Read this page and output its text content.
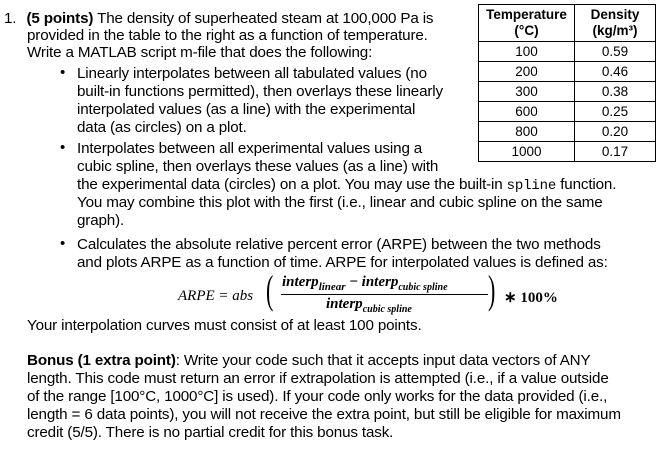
1. (5 points) The density of superheated steam at 100,000 Pa is
provided in the table to the right as a function of temperature.
Write a MATLAB script m-file that does the following:
• Linearly interpolates between all tabulated values (no
built-in functions permitted), then overlays these linearly
interpolated values (as a line) with the experimental
data (as circles) on a plot.
• Interpolates between all experimental values using a
cubic spline, then overlays these values (as a line) with
the experimental data (circles) on a plot. You may use the built-in spline function.
You may combine this plot with the first (i.e., linear and cubic spline on the same
graph).
• Calculates the absolute relative percent error (ARPE) between the two methods
and plots ARPE as a function of time. ARPE for interpolated values is defined as:
ARPE = abs ( interp$_{linear}$ − interp$_{cubic spline}$
interp$_{cubic spline}$ ) ∗ 100%
Your interpolation curves must consist of at least 100 points.
Bonus (1 extra point): Write your code such that it accepts input data vectors of ANY
length. This code must return an error if extrapolation is attempted (i.e., if a value outside
of the range [100°C, 1000°C] is used). If your code only works for the data provided (i.e.,
length = 6 data points), you will not receive the extra point, but still be eligible for maximum
credit (5/5). There is no partial credit for this bonus task.
Temperature
(°C)	Density
(kg/m³)
100	0.59
200	0.46
300	0.38
600	0.25
800	0.20
1000	0.17
